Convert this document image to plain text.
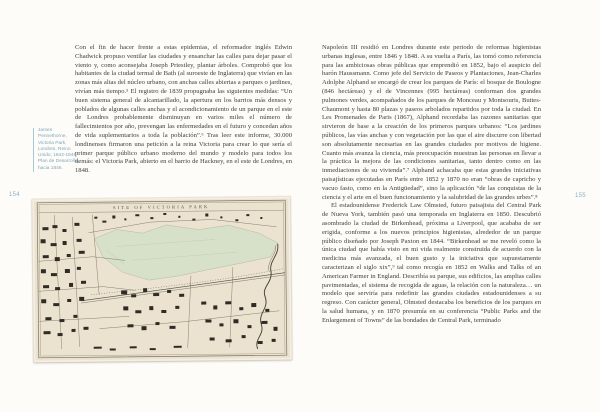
Con el fin de hacer frente a estas epidemias, el reformador inglés Edwin Chadwick propuso ventilar las ciudades y ensanchar las calles para dejar pasar el viento y, como aconsejaba Joseph Priestley, plantar árboles. Comprobó que los habitantes de la ciudad termal de Bath (al suroeste de Inglaterra) que vivían en las zonas más altas del núcleo urbano, con anchas calles abiertas a parques o jardines, vivían más tiempo.⁵ El registro de 1839 propugnaba las siguientes medidas: “Un buen sistema general de alcantarillado, la apertura en los barrios más densos y poblados de algunas calles anchas y el acondicionamiento de un parque en el este de Londres probablemente disminuyan en varios miles el número de fallecimientos por año, prevengan las enfermedades en el futuro y concedan años de vida suplementarios a toda la población”.⁶ Tras leer este informe, 30.000 londinenses firmaron una petición a la reina Victoria para crear lo que sería el primer parque público urbano moderno del mundo y modelo para todos los demás: el Victoria Park, abierto en el barrio de Hackney, en el este de Londres, en 1848.
James Pennethorne, Victoria Park, Londres, Reino Unido, 1842-1846. Plan de Desarrollo, hacia 1846.
154
SITE OF VICTORIA PARK

Napoleón III residió en Londres durante este periodo de reformas higienistas urbanas inglesas, entre 1846 y 1848. A su vuelta a París, las tomó como referencia para las ambiciosas obras públicas que emprendió en 1852, bajo el auspicio del barón Haussmann. Como jefe del Servicio de Paseos y Plantaciones, Jean-Charles Adolphe Alphand se encargó de crear los parques de París: el bosque de Boulogne (846 hectáreas) y el de Vincennes (995 hectáreas) conforman dos grandes pulmones verdes, acompañados de los parques de Monceau y Montsouris, Buttes-Chaumont y hasta 80 plazas y paseos arbolados repartidos por toda la ciudad. En Les Promenades de Paris (1867), Alphand recordaba las razones sanitarias que sirvieron de base a la creación de los primeros parques urbanos: “Los jardines públicos, las vías anchas y con vegetación por las que el aire discurre con libertad son absolutamente necesarias en las grandes ciudades por motivos de higiene. Cuanto más avanza la ciencia, más preocupación muestran las personas en llevar a la práctica la mejora de las condiciones sanitarias, tanto dentro como en las inmediaciones de su vivienda”.⁷ Alphand achacaba que estas grandes iniciativas paisajísticas ejecutadas en París entre 1852 y 1870 no eran “obras de capricho y vacuo fasto, como en la Antigüedad”, sino la aplicación “de las conquistas de la ciencia y el arte en el buen funcionamiento y la salubridad de las grandes urbes”.⁸

El estadounidense Frederick Law Olmsted, futuro paisajista del Central Park de Nueva York, también pasó una temporada en Inglaterra en 1850. Descubrió asombrado la ciudad de Birkenhead, próxima a Liverpool, que acababa de ser erigida, conforme a los nuevos principios higienistas, alrededor de un parque público diseñado por Joseph Paxton en 1844. “Birkenhead se me reveló como la única ciudad que había visto en mi vida realmente construida de acuerdo con la medicina más avanzada, el buen gusto y la iniciativa que supuestamente caracterizan el siglo xix”,⁹ tal como recogía en 1852 en Walks and Talks of an American Farmer in England. Describía su parque, sus edificios, las amplias calles pavimentadas, el sistema de recogida de aguas, la relación con la naturaleza… un modelo que serviría para redefinir las grandes ciudades estadounidenses a su regreso. Con carácter general, Olmsted destacaba los beneficios de los parques en la salud humana, y en 1870 presumía en su conferencia “Public Parks and the Enlargement of Towns” de las bondades de Central Park, terminado

155
